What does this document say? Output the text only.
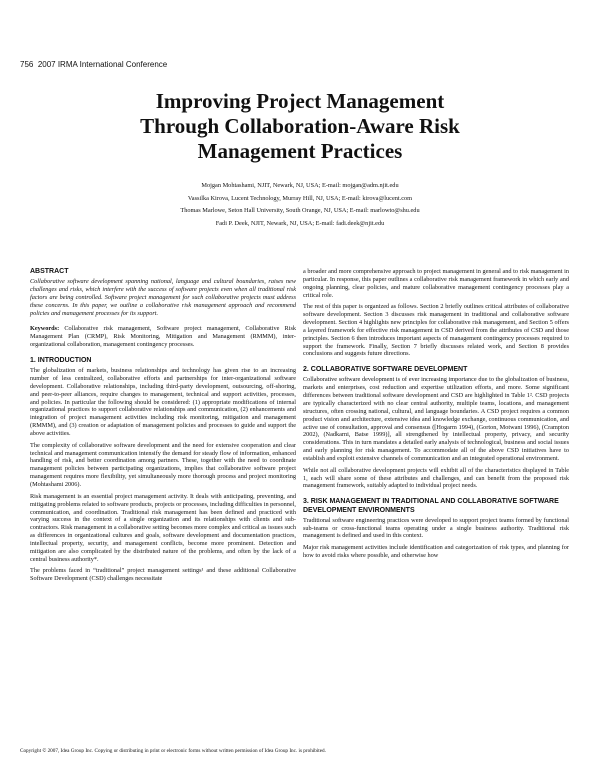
756 2007 IRMA International Conference
Improving Project Management
Through Collaboration-Aware Risk
Management Practices
Mojgan Mohtashami, NJIT, Newark, NJ, USA; E-mail: mojgan@adm.njit.edu
Vassilka Kirova, Lucent Technology, Murray Hill, NJ, USA; E-mail: kirova@lucent.com
Thomas Marlowe, Seton Hall University, South Orange, NJ, USA; E-mail: marlowto@shu.edu
Fadi P. Deek, NJIT, Newark, NJ, USA; E-mail: fadi.deek@njit.edu
ABSTRACT

Collaborative software development spanning national, language and cultural boundaries, raises new challenges and risks, which interfere with the success of software projects even when all traditional risk factors are being controlled. Software project management for such collaborative projects must address these concerns. In this paper, we outline a collaborative risk management approach and recommend policies and management processes for its support.

Keywords: Collaborative risk management, Software project management, Collaborative Risk Management Plan (CRMP), Risk Monitoring, Mitigation and Management (RMMM), inter-organizational collaboration, management contingency processes.

1. INTRODUCTION

The globalization of markets, business relationships and technology has given rise to an increasing number of less centralized, collaborative efforts and partnerships for inter-organizational software development. Collaborative relationships, including third-party development, outsourcing, off-shoring, and peer-to-peer alliances, require changes to management, technical and support activities, processes, and policies. In particular the following should be considered: (1) appropriate modifications of internal organizational practices to support collaborative relationships and communication, (2) enhancements and integration of project management activities including risk monitoring, mitigation and management (RMMM), and (3) creation or adaptation of management policies and processes to guide and support the above activities.

The complexity of collaborative software development and the need for extensive cooperation and clear technical and management communication intensify the demand for steady flow of information, enhanced handling of risk, and better coordination among partners. These, together with the need to coordinate management policies between participating organizations, implies that collaborative software project management requires more flexibility, yet simultaneously more thorough process and project monitoring (Mohtashami 2006).

Risk management is an essential project management activity. It deals with anticipating, preventing, and mitigating problems related to software products, projects or processes, including difficulties in personnel, communication, and coordination. Traditional risk management has been defined and practiced with varying success in the context of a single organization and its relationships with clients and sub-contractors. Risk management in a collaborative setting becomes more complex and critical as issues such as differences in organizational cultures and goals, software development and documentation practices, intellectual property, security, and management conflicts, become more prominent. Detection and mitigation are also complicated by the distributed nature of the problems, and often by the lack of a central business authority*.

The problems faced in “traditional” project management settings¹ and these additional Collaborative Software Development (CSD) challenges necessitate

a broader and more comprehensive approach to project management in general and to risk management in particular. In response, this paper outlines a collaborative risk management framework in which early and ongoing planning, clear policies, and mature collaborative management contingency processes play a critical role.

The rest of this paper is organized as follows. Section 2 briefly outlines critical attributes of collaborative software development. Section 3 discusses risk management in traditional and collaborative software development. Section 4 highlights new principles for collaborative risk management, and Section 5 offers a layered framework for effective risk management in CSD derived from the attributes of CSD and those principles. Section 6 then introduces important aspects of management contingency processes required to support the framework. Finally, Section 7 briefly discusses related work, and Section 8 provides conclusions and suggests future directions.

2. COLLABORATIVE SOFTWARE DEVELOPMENT

Collaborative software development is of ever increasing importance due to the globalization of business, markets and enterprises, cost reduction and expertise utilization efforts, and more. Some significant differences between traditional software development and CSD are highlighted in Table 1². CSD projects are typically characterized with no clear central authority, multiple teams, locations, and management structures, often crossing national, cultural, and language boundaries. A CSD project requires a common product vision and architecture, extensive idea and knowledge exchange, continuous communication, and active use of consultation, approval and consensus ([Hogarm 1994), (Gorton, Motwani 1996), (Crampton 2002), (Nadkarni, Batse 1999)], all strengthened by intellectual property, privacy, and security considerations. This in turn mandates a detailed early analysis of technological, business and social issues and early planning for risk management. To accommodate all of the above CSD initiatives have to establish and exploit extensive channels of communication and an integrated operational environment.

While not all collaborative development projects will exhibit all of the characteristics displayed in Table 1, each will share some of these attributes and challenges, and can benefit from the proposed risk management framework, suitably adapted to individual project needs.

3. RISK MANAGEMENT IN TRADITIONAL AND COLLABORATIVE SOFTWARE DEVELOPMENT ENVIRONMENTS

Traditional software engineering practices were developed to support project teams formed by functional sub-teams or cross-functional teams operating under a single business authority. Traditional risk management is defined and used in this context.

Major risk management activities include identification and categorization of risk types, and planning for how to avoid risks where possible, and otherwise how

Copyright © 2007, Idea Group Inc. Copying or distributing in print or electronic forms without written permission of Idea Group Inc. is prohibited.
